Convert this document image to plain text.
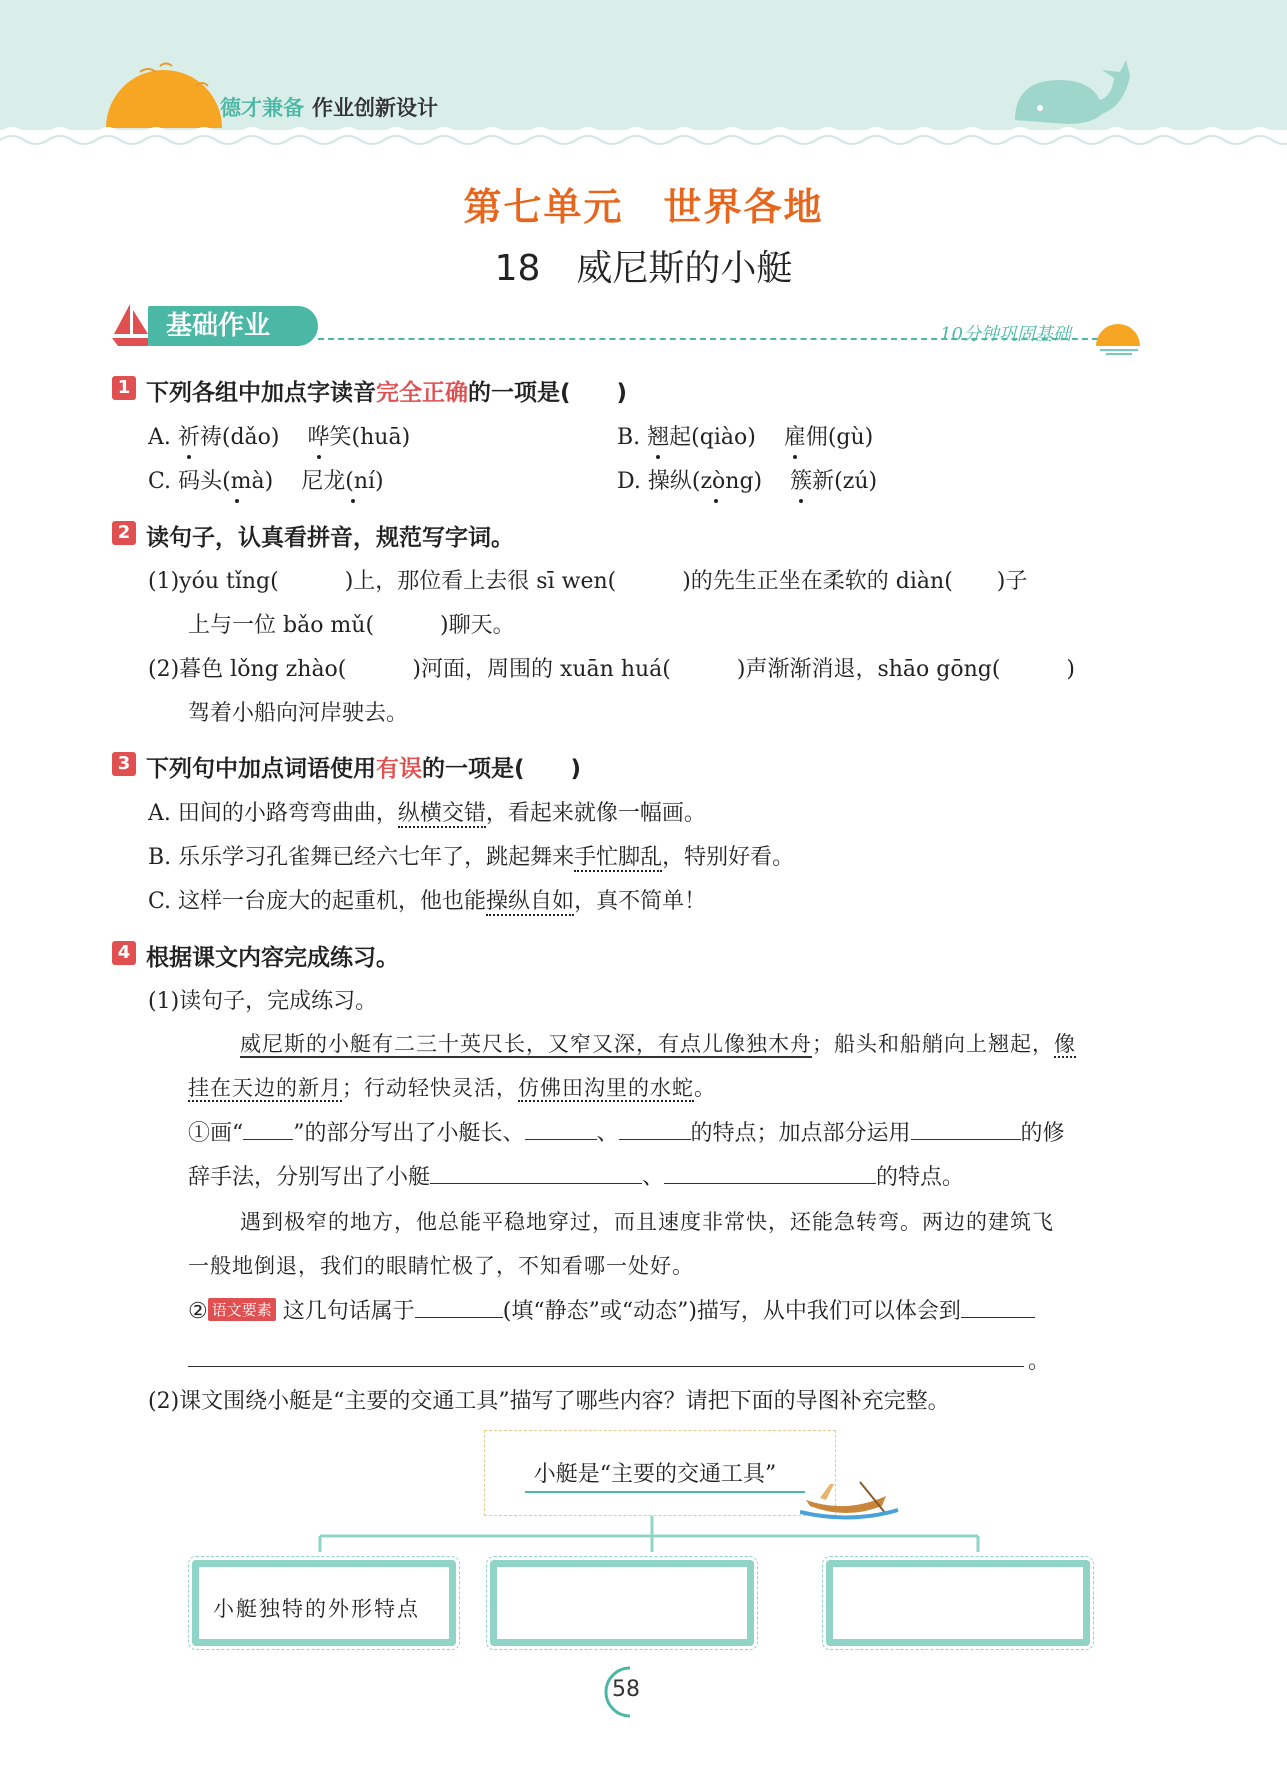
德才兼备 作业创新设计
第七单元　世界各地
18　威尼斯的小艇
基础作业	10分钟巩固基础
1 下列各组中加点字读音完全正确的一项是(　　)
A. 祈祷(dǎo) 哗笑(huā)	B. 翘起(qiào) 雇佣(gù)
C. 码头(mà) 尼龙(ní)	D. 操纵(zòng) 簇新(zú)
2 读句子，认真看拼音，规范写字词。
(1)yóu tǐng(　　　)上，那位看上去很 sī wen(　　　)的先生正坐在柔软的 diàn(　　)子
上与一位 bǎo mǔ(　　　)聊天。
(2)暮色 lǒng zhào(　　　)河面，周围的 xuān huá(　　　)声渐渐消退，shāo gōng(　　　)
驾着小船向河岸驶去。
3 下列句中加点词语使用有误的一项是(　　)
A. 田间的小路弯弯曲曲，纵横交错，看起来就像一幅画。
B. 乐乐学习孔雀舞已经六七年了，跳起舞来手忙脚乱，特别好看。
C. 这样一台庞大的起重机，他也能操纵自如，真不简单！
4 根据课文内容完成练习。
(1)读句子，完成练习。
威尼斯的小艇有二三十英尺长，又窄又深，有点儿像独木舟；船头和船艄向上翘起，像
挂在天边的新月；行动轻快灵活，仿佛田沟里的水蛇。
①画“ ”的部分写出了小艇长、	、	的特点；加点部分运用	的修
辞手法，分别写出了小艇	、	的特点。
遇到极窄的地方，他总能平稳地穿过，而且速度非常快，还能急转弯。两边的建筑飞
一般地倒退，我们的眼睛忙极了，不知看哪一处好。
② 语文要素 这几句话属于	(填“静态”或“动态”)描写，从中我们可以体会到
。
(2)课文围绕小艇是“主要的交通工具”描写了哪些内容？请把下面的导图补充完整。
小艇是“主要的交通工具”
小艇独特的外形特点
58
